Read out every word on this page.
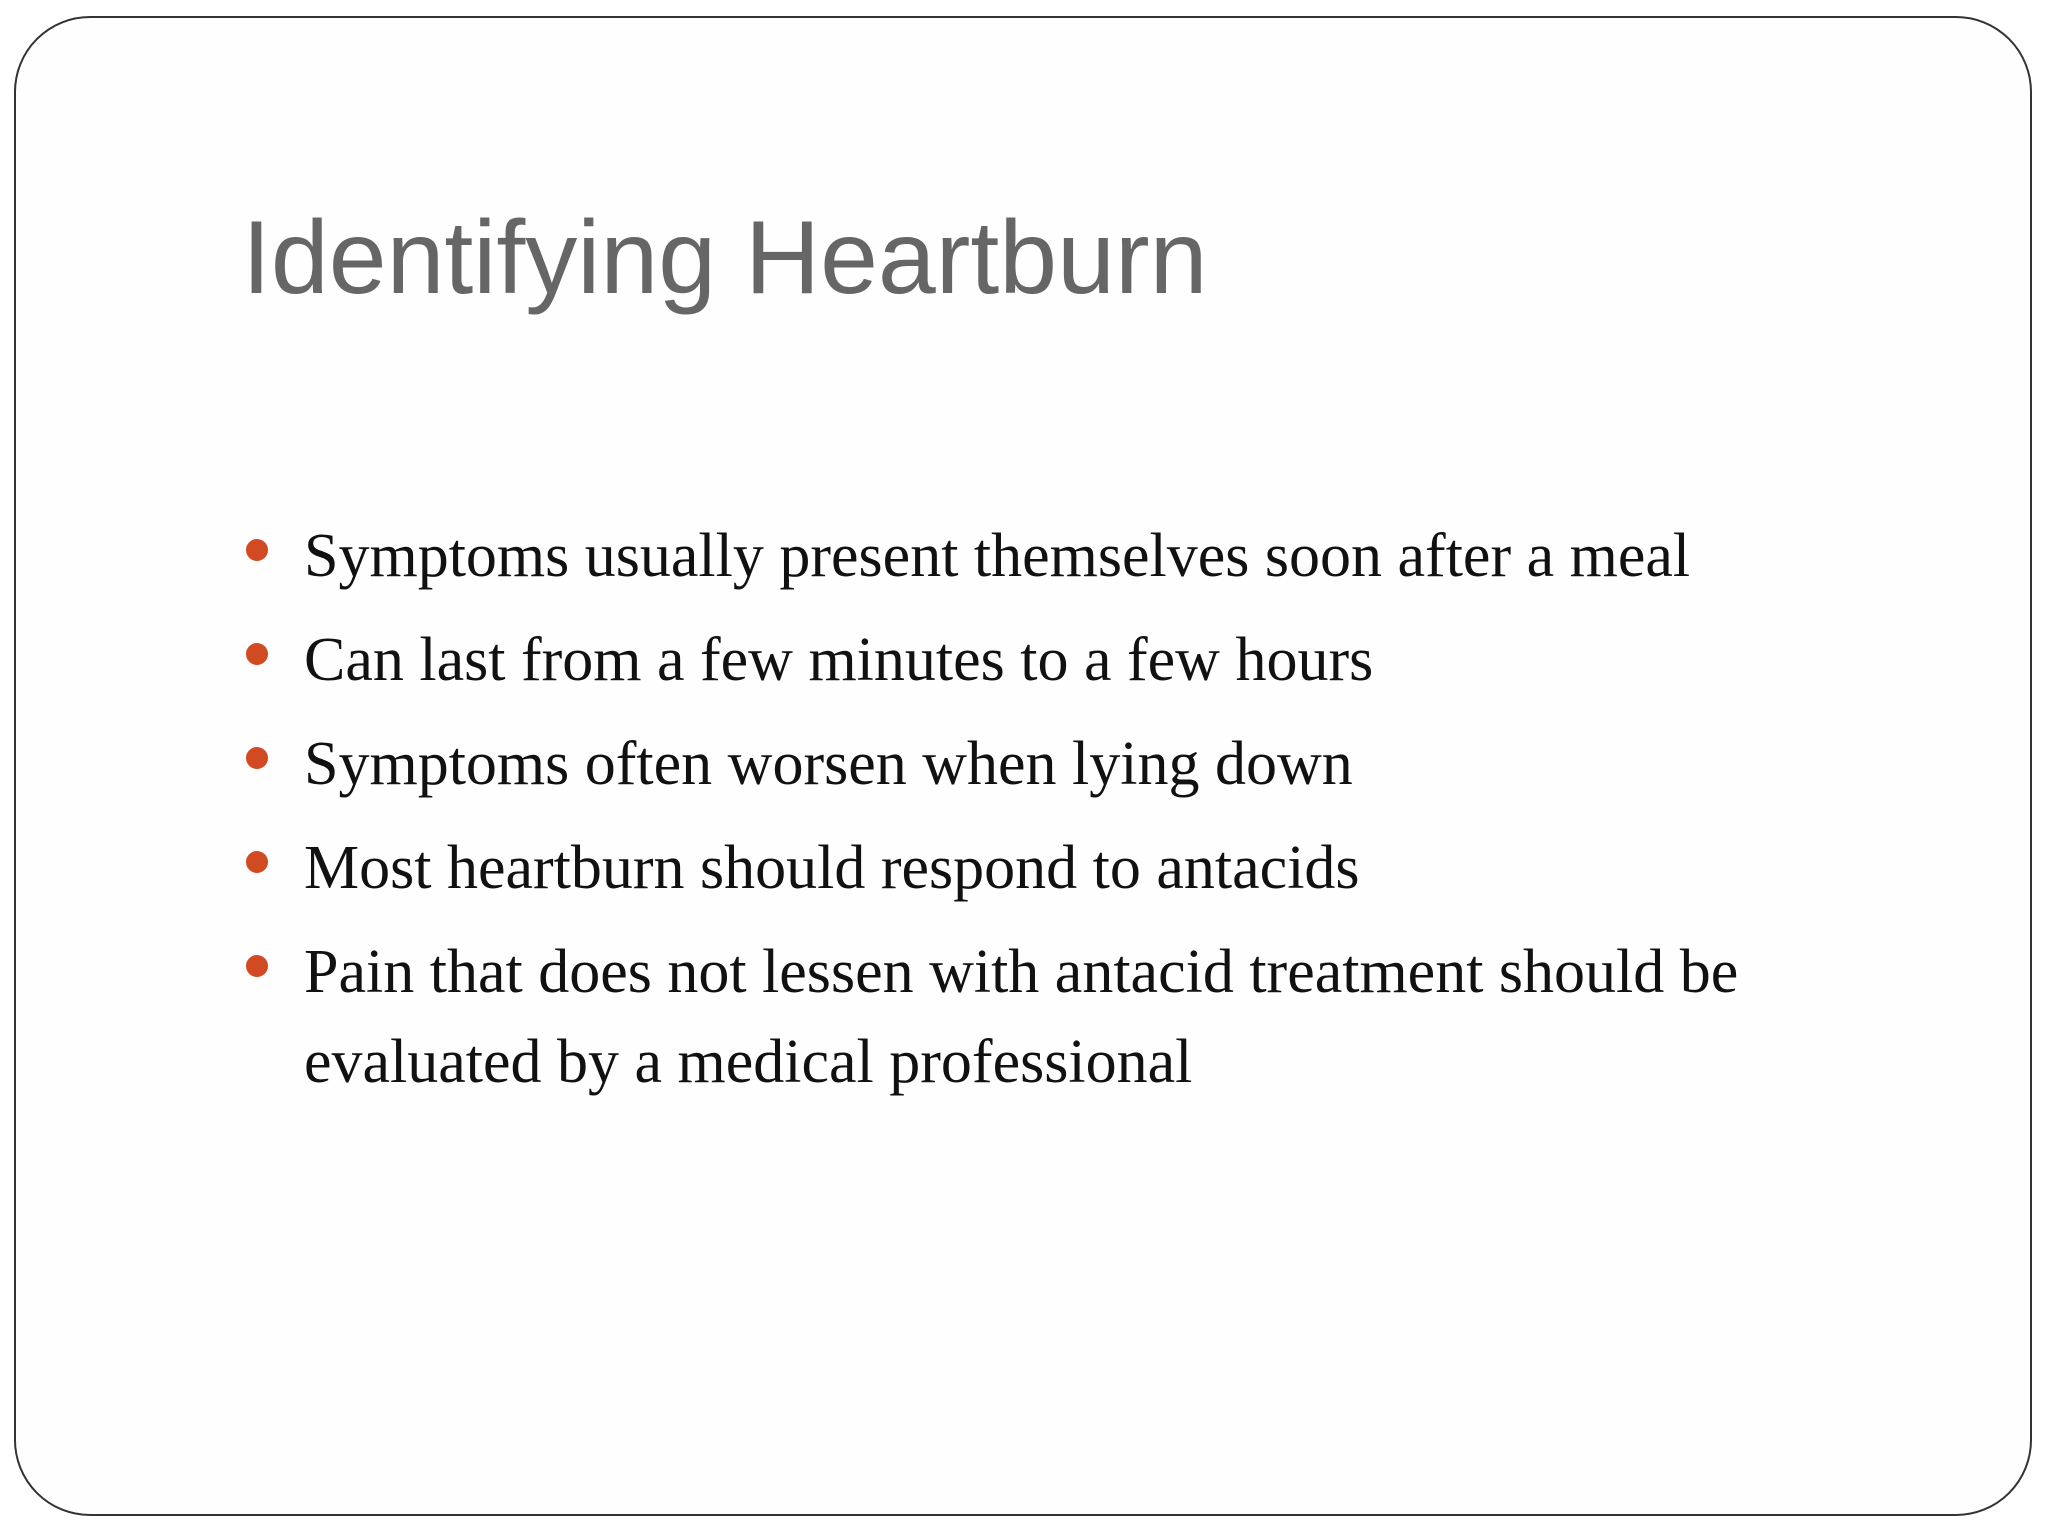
Identifying Heartburn
Symptoms usually present themselves soon after a meal
Can last from a few minutes to a few hours
Symptoms often worsen when lying down
Most heartburn should respond to antacids
Pain that does not lessen with antacid treatment should be evaluated by a medical professional
